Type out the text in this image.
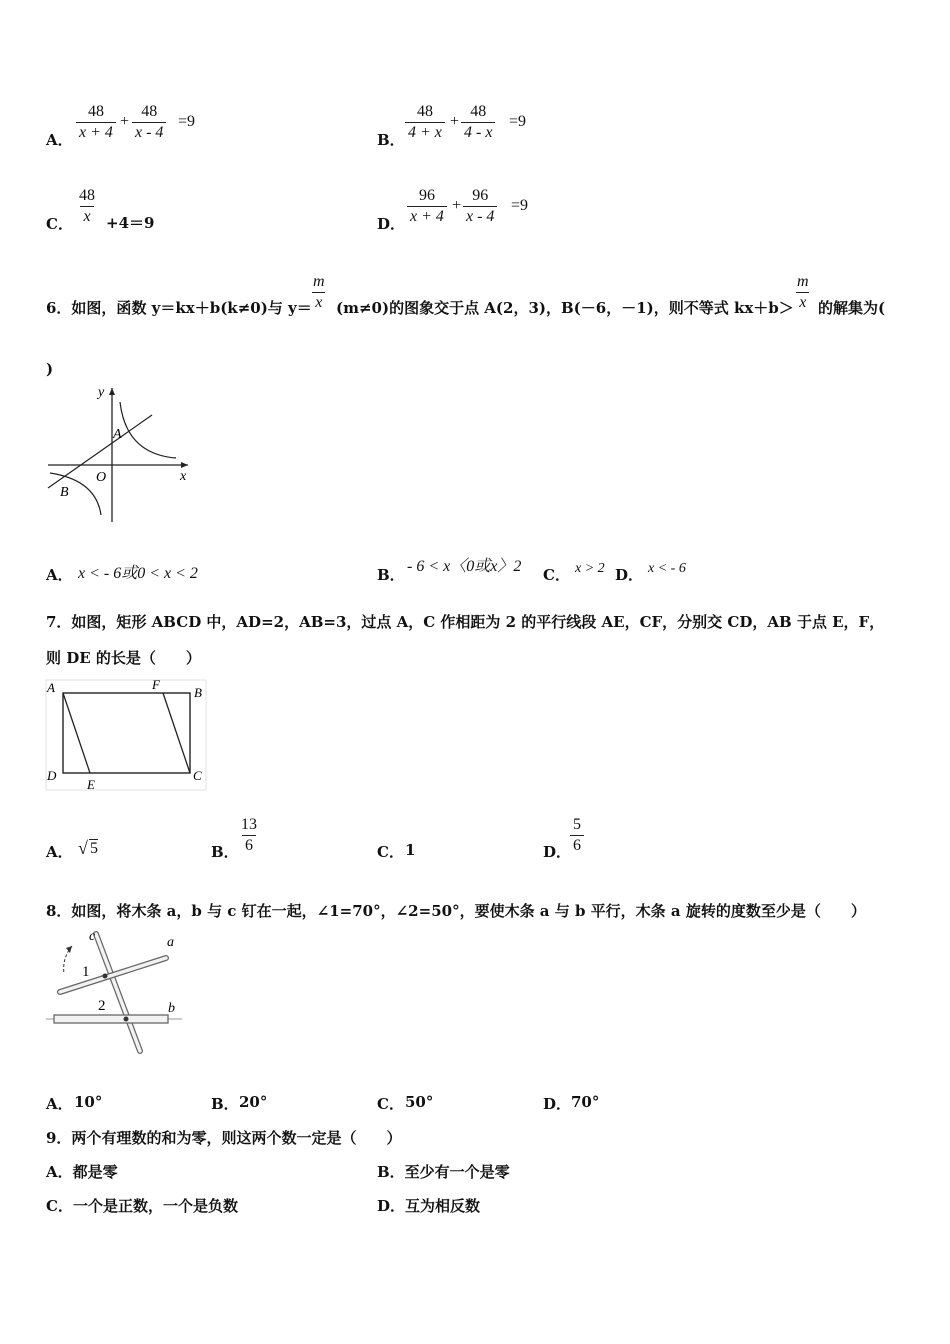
A． $\frac{48}{x + 4} + \frac{48}{x - 4} =9$
B． $\frac{48}{4 + x} + \frac{48}{4 - x} =9$
C． $\frac{48}{x} +4=9$	D． $\frac{96}{x + 4} + \frac{96}{x - 4} =9$
6．如图，函数 y＝kx＋b(k≠0)与 y＝
$\frac{m}{x} (m\ne 0)$的图象交于点 A(2，3)，B(－6，－1)，则不等式 $kx+b> \frac{m}{x}$ 的解集为(
)
y
x
A
O
B
A． x < - 6或0 < x < 2	B． - 6 < x〈0或x〉2 C． x > 2 D． x < - 6
7．如图，矩形 ABCD 中，AD=2，AB=3，过点 A，C 作相距为 2 的平行线段 AE，CF，分别交 CD，AB 于点 E，F，
则 DE 的长是（　　）
A	F
B
D
E
C
A． √ 5	B． $\frac{13}{6}$	C． 1	D．
$\frac{5}{6}$
8．如图，将木条 a，b 与 c 钉在一起，∠1=70°，∠2=50°，要使木条 a 与 b 平行，木条 a 旋转的度数至少是（　　）
c	a
1
2	b
A． 10°	B． 20°	C． 50°	D． 70°
9．两个有理数的和为零，则这两个数一定是（　　）
A．都是零	B．至少有一个是零
C．一个是正数，一个是负数	D．互为相反数
